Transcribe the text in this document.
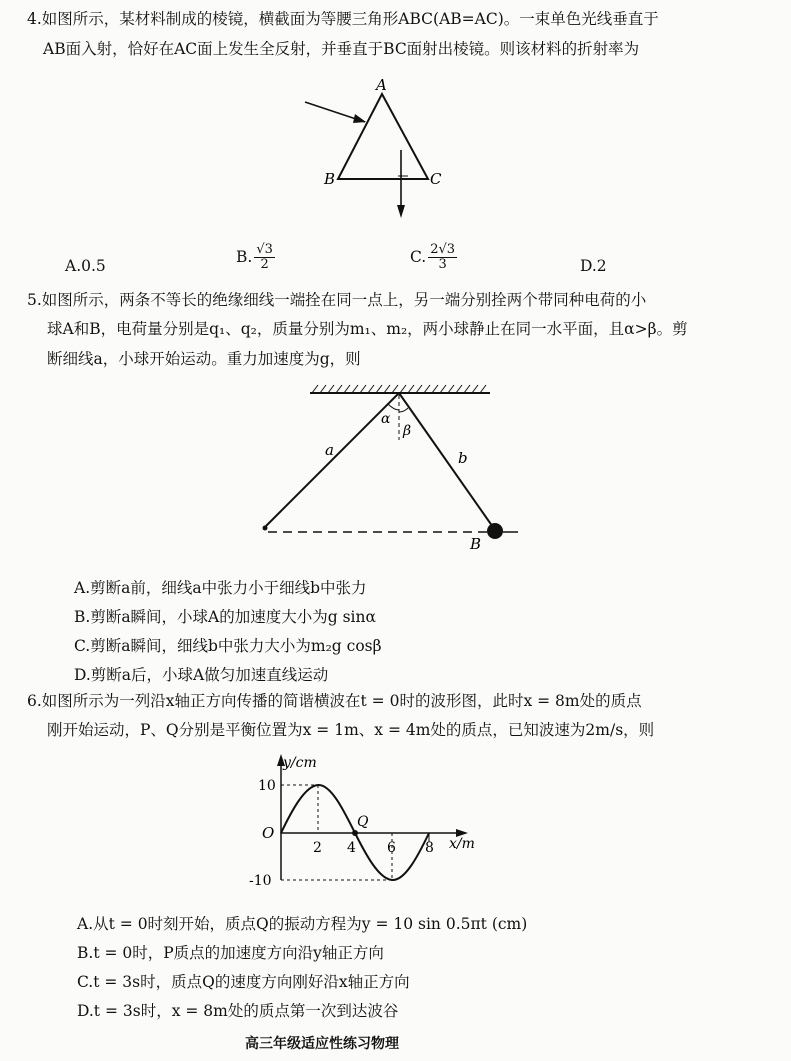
4.如图所示，某材料制成的棱镜，横截面为等腰三角形ABC(AB=AC)。一束单色光线垂直于
AB面入射，恰好在AC面上发生全反射，并垂直于BC面射出棱镜。则该材料的折射率为
A
B	C
A.0.5
B. $\frac{√3}{2}$	C. $\frac{2√3}{3}$	D.2
5.如图所示，两条不等长的绝缘细线一端拴在同一点上，另一端分别拴两个带同种电荷的小
球A和B，电荷量分别是q₁、q₂，质量分别为m₁、m₂，两小球静止在同一水平面，且α>β。剪
断细线a，小球开始运动。重力加速度为g，则
α
β
a	b
B
A.剪断a前，细线a中张力小于细线b中张力
B.剪断a瞬间，小球A的加速度大小为g sinα
C.剪断a瞬间，细线b中张力大小为m₂g cosβ
D.剪断a后，小球A做匀加速直线运动
6.如图所示为一列沿x轴正方向传播的简谐横波在t = 0时的波形图，此时x = 8m处的质点
刚开始运动，P、Q分别是平衡位置为x = 1m、x = 4m处的质点，已知波速为2m/s，则
y/cm
x/m
10
-10
O
2 4 6 8
Q
A.从t = 0时刻开始，质点Q的振动方程为y = 10 sin 0.5πt (cm)
B.t = 0时，P质点的加速度方向沿y轴正方向
C.t = 3s时，质点Q的速度方向刚好沿x轴正方向
D.t = 3s时，x = 8m处的质点第一次到达波谷
高三年级适应性练习物理
